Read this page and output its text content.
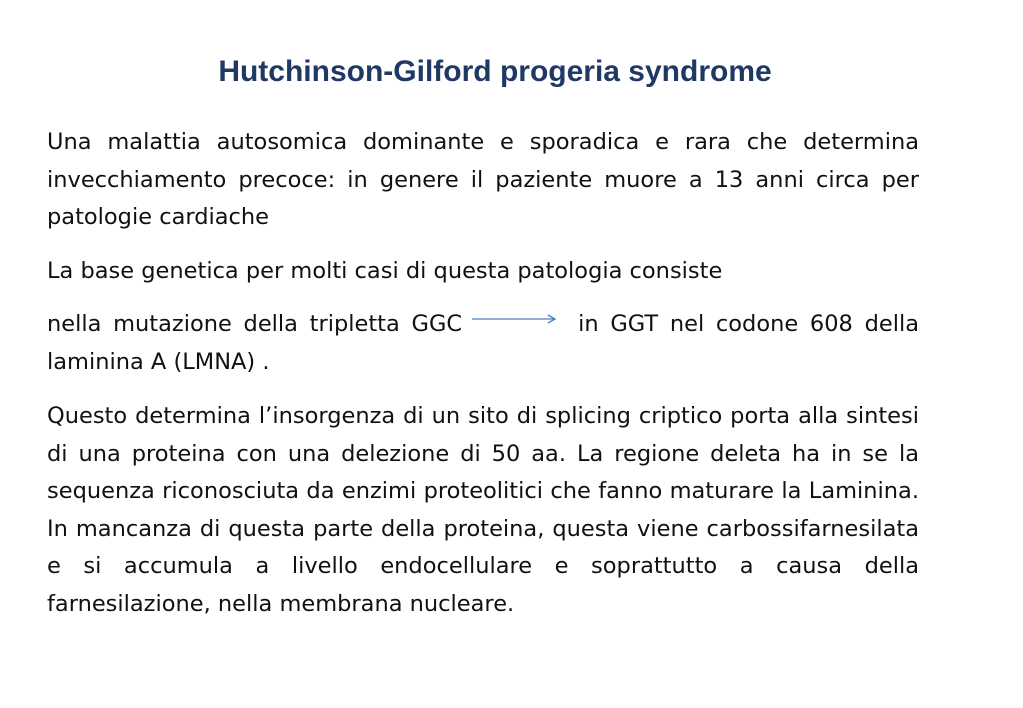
Hutchinson-Gilford progeria syndrome

Una malattia autosomica dominante e sporadica e rara che determina invecchiamento precoce: in genere il paziente muore a 13 anni circa per patologie cardiache

La base genetica per molti casi di questa patologia consiste

nella mutazione della tripletta GGC	in GGT nel codone 608 della laminina A (LMNA) .

Questo determina l’insorgenza di un sito di splicing criptico porta alla sintesi di una proteina con una delezione di 50 aa. La regione deleta ha in se la sequenza riconosciuta da enzimi proteolitici che fanno maturare la Laminina. In mancanza di questa parte della proteina, questa viene carbossifarnesilata e si accumula a livello endocellulare e soprattutto a causa della farnesilazione, nella membrana nucleare.
